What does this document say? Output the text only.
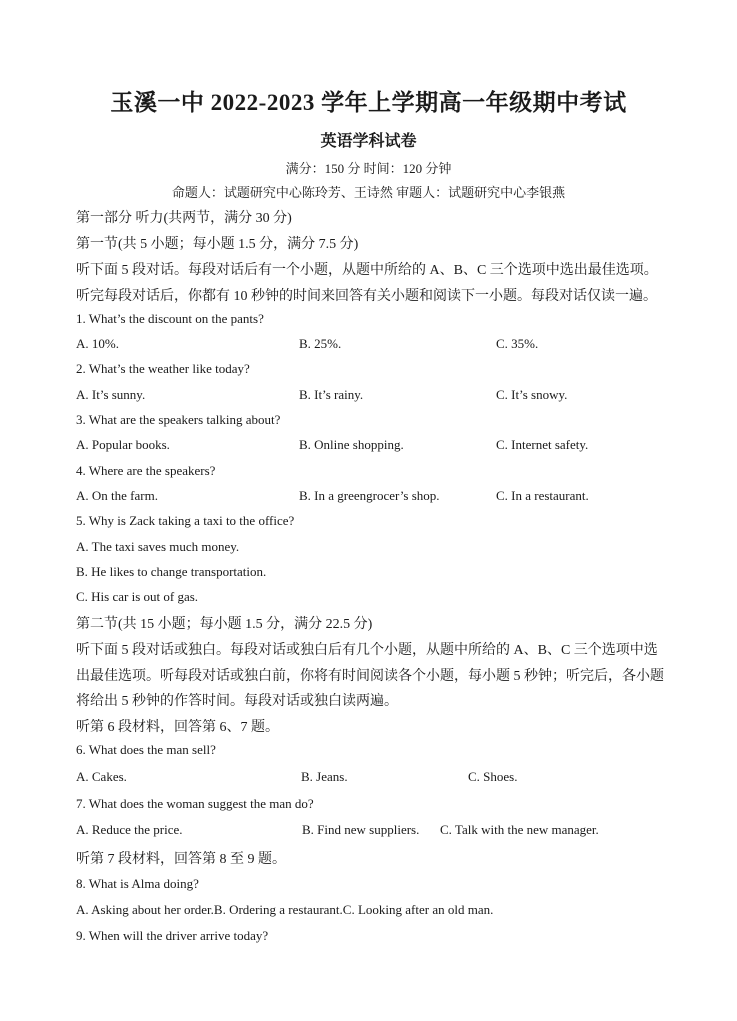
玉溪一中 2022-2023 学年上学期高一年级期中考试
英语学科试卷
满分：150 分 时间：120 分钟
命题人：试题研究中心陈玲芳、王诗然 审题人：试题研究中心李银燕
第一部分 听力(共两节，满分 30 分)
第一节(共 5 小题；每小题 1.5 分，满分 7.5 分)
听下面 5 段对话。每段对话后有一个小题，从题中所给的 A、B、C 三个选项中选出最佳选项。
听完每段对话后，你都有 10 秒钟的时间来回答有关小题和阅读下一小题。每段对话仅读一遍。
1. What’s the discount on the pants?
A. 10%.	B. 25%.	C. 35%.
2. What’s the weather like today?
A. It’s sunny.	B. It’s rainy.	C. It’s snowy.
3. What are the speakers talking about?
A. Popular books.	B. Online shopping.	C. Internet safety.
4. Where are the speakers?
A. On the farm.	B. In a greengrocer’s shop.	C. In a restaurant.
5. Why is Zack taking a taxi to the office?
A. The taxi saves much money.
B. He likes to change transportation.
C. His car is out of gas.
第二节(共 15 小题；每小题 1.5 分，满分 22.5 分)
听下面 5 段对话或独白。每段对话或独白后有几个小题，从题中所给的 A、B、C 三个选项中选
出最佳选项。听每段对话或独白前，你将有时间阅读各个小题，每小题 5 秒钟；听完后，各小题
将给出 5 秒钟的作答时间。每段对话或独白读两遍。
听第 6 段材料，回答第 6、7 题。
6. What does the man sell?
A. Cakes.	B. Jeans.	C. Shoes.
7. What does the woman suggest the man do?
A. Reduce the price.	B. Find new suppliers. C. Talk with the new manager.
听第 7 段材料，回答第 8 至 9 题。
8. What is Alma doing?
A. Asking about her order.B. Ordering a restaurant.C. Looking after an old man.
9. When will the driver arrive today?
